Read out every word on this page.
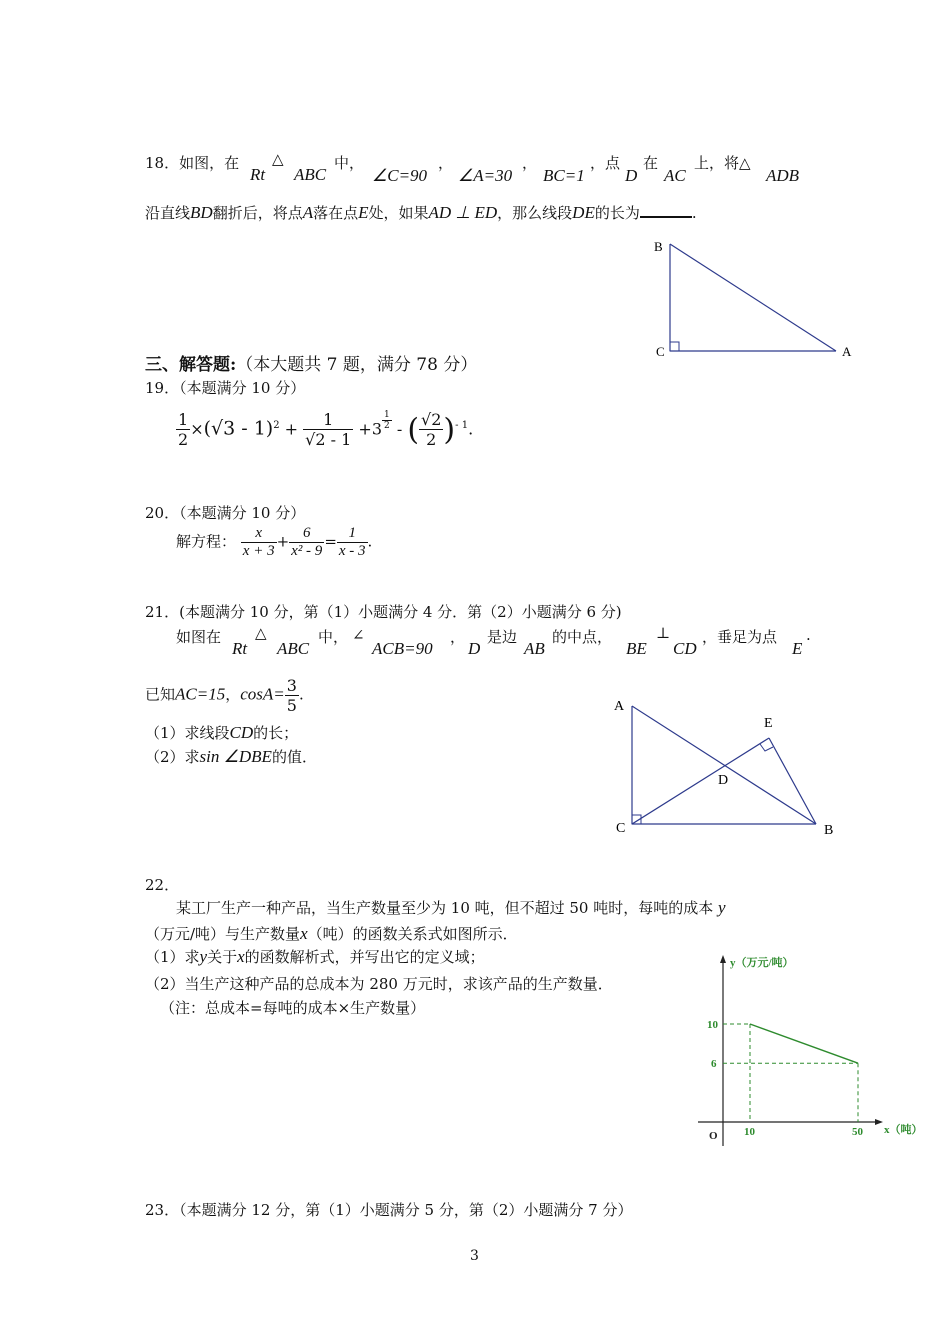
18．如图，在
Rt
△
ABC
中，
∠C=90
，
∠A=30
，
BC=1
，点
D
在
AC
上，将△
ADB
沿直线BD翻折后，将点A落在点E处，如果AD ⊥ ED，那么线段DE的长为	.
B
C	A
三、解答题:（本大题共 7 题，满分 78 分）
19．（本题满分 10 分）
$\frac{1}{2} \times(√3 - 1)^2 + \frac{1}{√2 - 1} +3 \frac{1}{2}$ - ( $\frac{√2}{2} )^{- 1}$.
20．（本题满分 10 分）
解方程： $\frac{x}{x + 3} + \frac{6}{\text{x² - 9}} = \frac{1}{x - 3}$ .
21．(本题满分 10 分，第（1）小题满分 4 分．第（2）小题满分 6 分)
如图在
Rt
△
ABC
中， ∠
ACB=90
，
D
是边
AB
的中点，
BE
⊥
CD
，垂足为点
E
.
已知AC=15，$\cos A= \frac{3}{5}$ .
（1）求线段CD的长；
（2）求sin ∠DBE的值．
A
E
D
C	B
22．
某工厂生产一种产品，当生产数量至少为 10 吨，但不超过 50 吨时，每吨的成本 y
（万元/吨）与生产数量x（吨）的函数关系式如图所示．
（1）求y关于x的函数解析式，并写出它的定义域；
（2）当生产这种产品的总成本为 280 万元时，求该产品的生产数量．
（注：总成本=每吨的成本×生产数量）
y（万元/吨）
x（吨）
O 10	50
10
6
23．（本题满分 12 分，第（1）小题满分 5 分，第（2）小题满分 7 分）
3
